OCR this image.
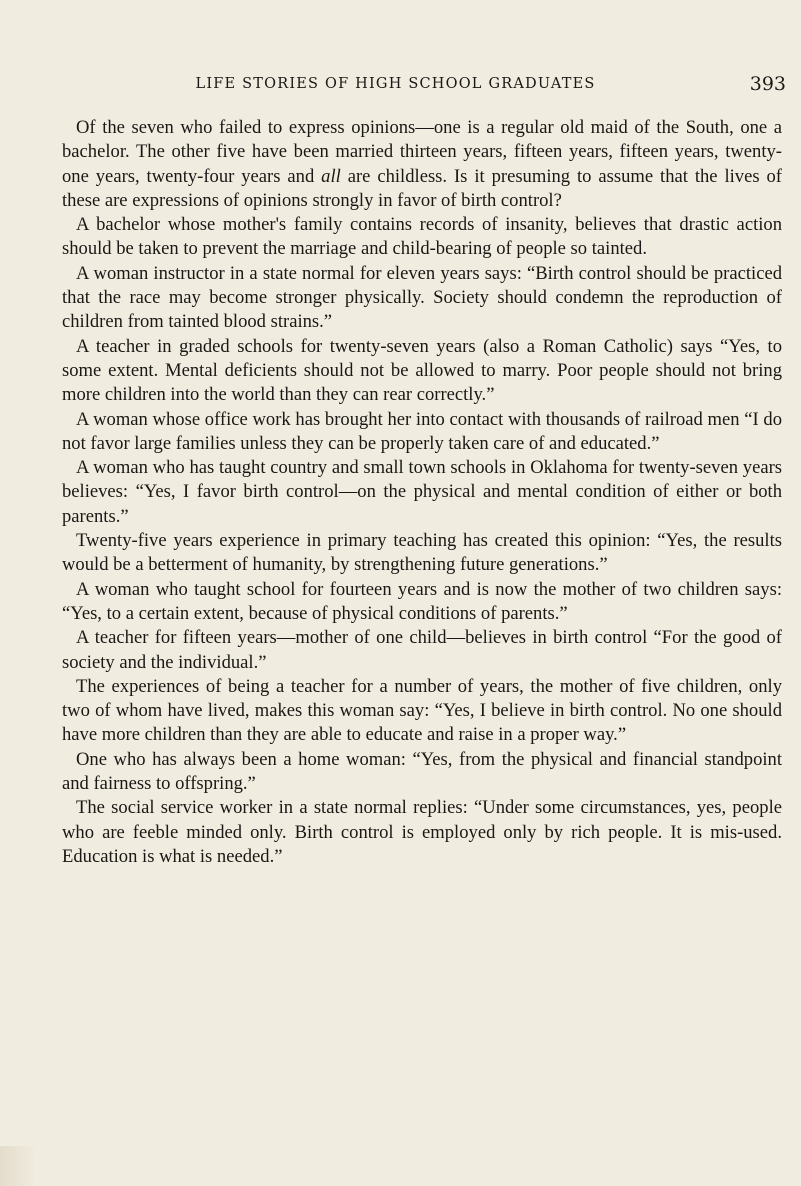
LIFE STORIES OF HIGH SCHOOL GRADUATES	393

Of the seven who failed to express opinions—one is a regular old maid of the South, one a bachelor. The other five have been married thirteen years, fifteen years, fifteen years, twenty-one years, twenty-four years and all are childless. Is it presuming to assume that the lives of these are expressions of opinions strongly in favor of birth control?

A bachelor whose mother's family contains records of insanity, believes that drastic action should be taken to prevent the marriage and child-bearing of people so tainted.

A woman instructor in a state normal for eleven years says: “Birth control should be practiced that the race may become stronger physically. Society should condemn the reproduction of children from tainted blood strains.”

A teacher in graded schools for twenty-seven years (also a Roman Catholic) says “Yes, to some extent. Mental deficients should not be allowed to marry. Poor people should not bring more children into the world than they can rear correctly.”

A woman whose office work has brought her into contact with thousands of railroad men “I do not favor large families unless they can be properly taken care of and educated.”

A woman who has taught country and small town schools in Oklahoma for twenty-seven years believes: “Yes, I favor birth control—on the physical and mental condition of either or both parents.”

Twenty-five years experience in primary teaching has created this opinion: “Yes, the results would be a betterment of humanity, by strengthening future generations.”

A woman who taught school for fourteen years and is now the mother of two children says: “Yes, to a certain extent, because of physical conditions of parents.”

A teacher for fifteen years—mother of one child—believes in birth control “For the good of society and the individual.”

The experiences of being a teacher for a number of years, the mother of five children, only two of whom have lived, makes this woman say: “Yes, I believe in birth control. No one should have more children than they are able to educate and raise in a proper way.”

One who has always been a home woman: “Yes, from the physical and financial standpoint and fairness to offspring.”

The social service worker in a state normal replies: “Under some circumstances, yes, people who are feeble minded only. Birth control is employed only by rich people. It is mis-used. Education is what is needed.”
